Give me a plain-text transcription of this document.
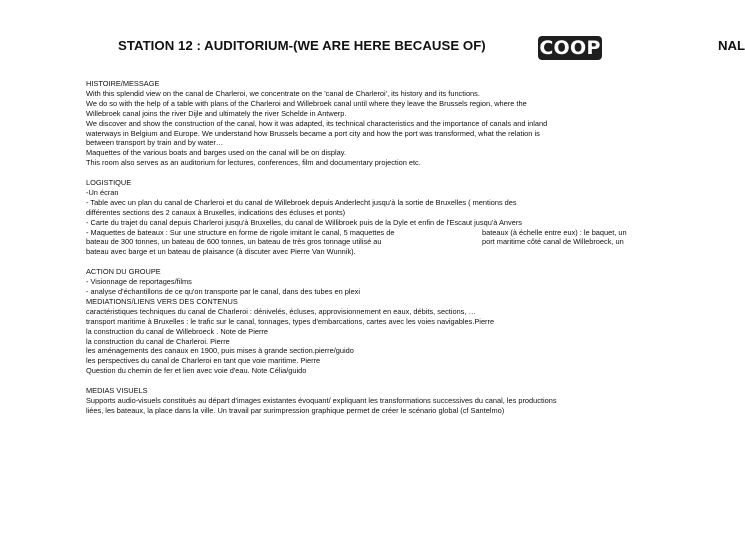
STATION 12 : AUDITORIUM-(WE ARE HERE BECAUSE OF)	COOP	NAL
HISTOIRE/MESSAGE
With this splendid view on the canal de Charleroi, we concentrate on the 'canal de Charleroi', its history and its functions.
We do so with the help of a table with plans of the Charleroi and Willebroek canal until where they leave the Brussels region, where the
Willebroek canal joins the river Dijle and ultimately the river Schelde in Antwerp.
We discover and show the construction of the canal, how it was adapted, its technical characteristics and the importance of canals and inland
waterways in Belgium and Europe. We understand how Brussels became a port city and how the port was transformed, what the relation is
between transport by train and by water…
Maquettes of the various boats and barges used on the canal will be on display.
This room also serves as an auditorium for lectures, conferences, film and documentary projection etc.
LOGISTIQUE
-Un écran
- Table avec un plan du canal de Charleroi et du canal de Willebroek depuis Anderlecht jusqu'à la sortie de Bruxelles ( mentions des
différentes sections des 2 canaux à Bruxelles, indications des écluses et ponts)
- Carte du trajet du canal depuis Charleroi jusqu'à Bruxelles, du canal de Willibroek puis de la Dyle et enfin de l'Escaut jusqu'à Anvers
- Maquettes de bateaux : Sur une structure en forme de rigole imitant le canal, 5 maquettes de	bateaux (à échelle entre eux) : le baquet, un
bateau de 300 tonnes, un bateau de 600 tonnes, un bateau de très gros tonnage utilisé au	port maritime côté canal de Willebroeck, un
bateau avec barge et un bateau de plaisance (à discuter avec Pierre Van Wunnik).
ACTION DU GROUPE
- Visionnage de reportages/films
- analyse d'échantillons de ce qu'on transporte par le canal, dans des tubes en plexi
MEDIATIONS/LIENS VERS DES CONTENUS
caractéristiques techniques du canal de Charleroi : dénivelés, écluses, approvisionnement en eaux, débits, sections, …
transport maritime à Bruxelles : le trafic sur le canal, tonnages, types d'embarcations, cartes avec les voies navigables.Pierre
la construction du canal de Willebroeck . Note de Pierre
la construction du canal de Charleroi. Pierre
les aménagements des canaux en 1900, puis mises à grande section.pierre/guido
les perspectives du canal de Charleroi en tant que voie maritime. Pierre
Question du chemin de fer et lien avec voie d'eau. Note Célia/guido
MEDIAS VISUELS
Supports audio-visuels constitués au départ d'images existantes évoquant/ expliquant les transformations successives du canal, les productions
liées, les bateaux, la place dans la ville. Un travail par surimpression graphique permet de créer le scénario global (cf Santelmo)
